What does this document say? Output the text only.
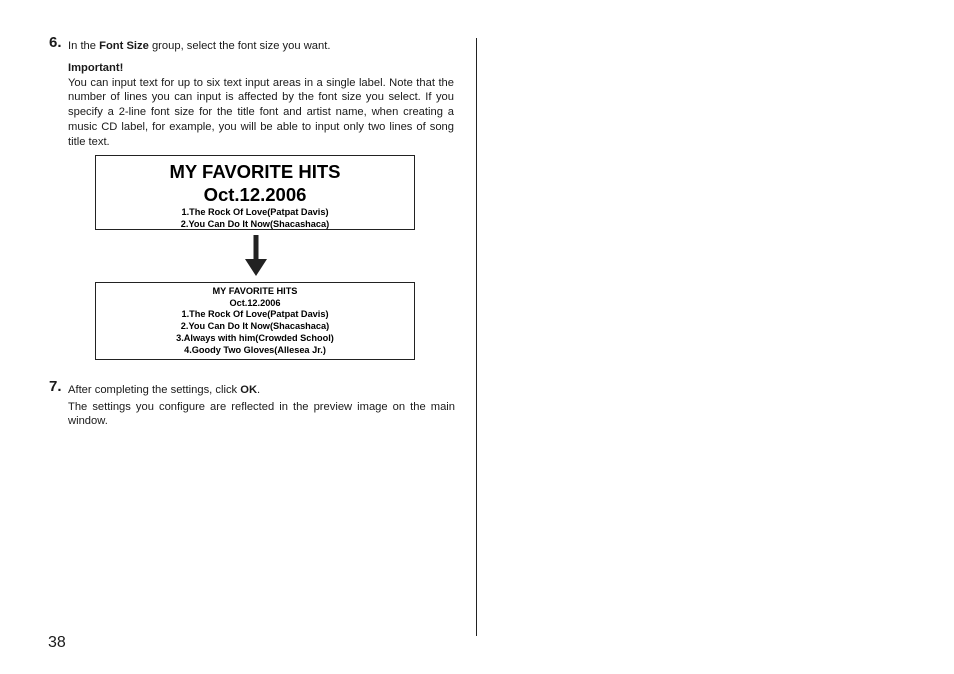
6. In the Font Size group, select the font size you want.
Important!
You can input text for up to six text input areas in a single label. Note that the number of lines you can input is affected by the font size you select. If you specify a 2-line font size for the title font and artist name, when creating a music CD label, for example, you will be able to input only two lines of song title text.
MY FAVORITE HITS
Oct.12.2006
1.The Rock Of Love(Patpat Davis)
2.You Can Do It Now(Shacashaca)
MY FAVORITE HITS
Oct.12.2006
1.The Rock Of Love(Patpat Davis)
2.You Can Do It Now(Shacashaca)
3.Always with him(Crowded School)
4.Goody Two Gloves(Allesea Jr.)
7. After completing the settings, click OK.
The settings you configure are reflected in the preview image on the main window.
38
